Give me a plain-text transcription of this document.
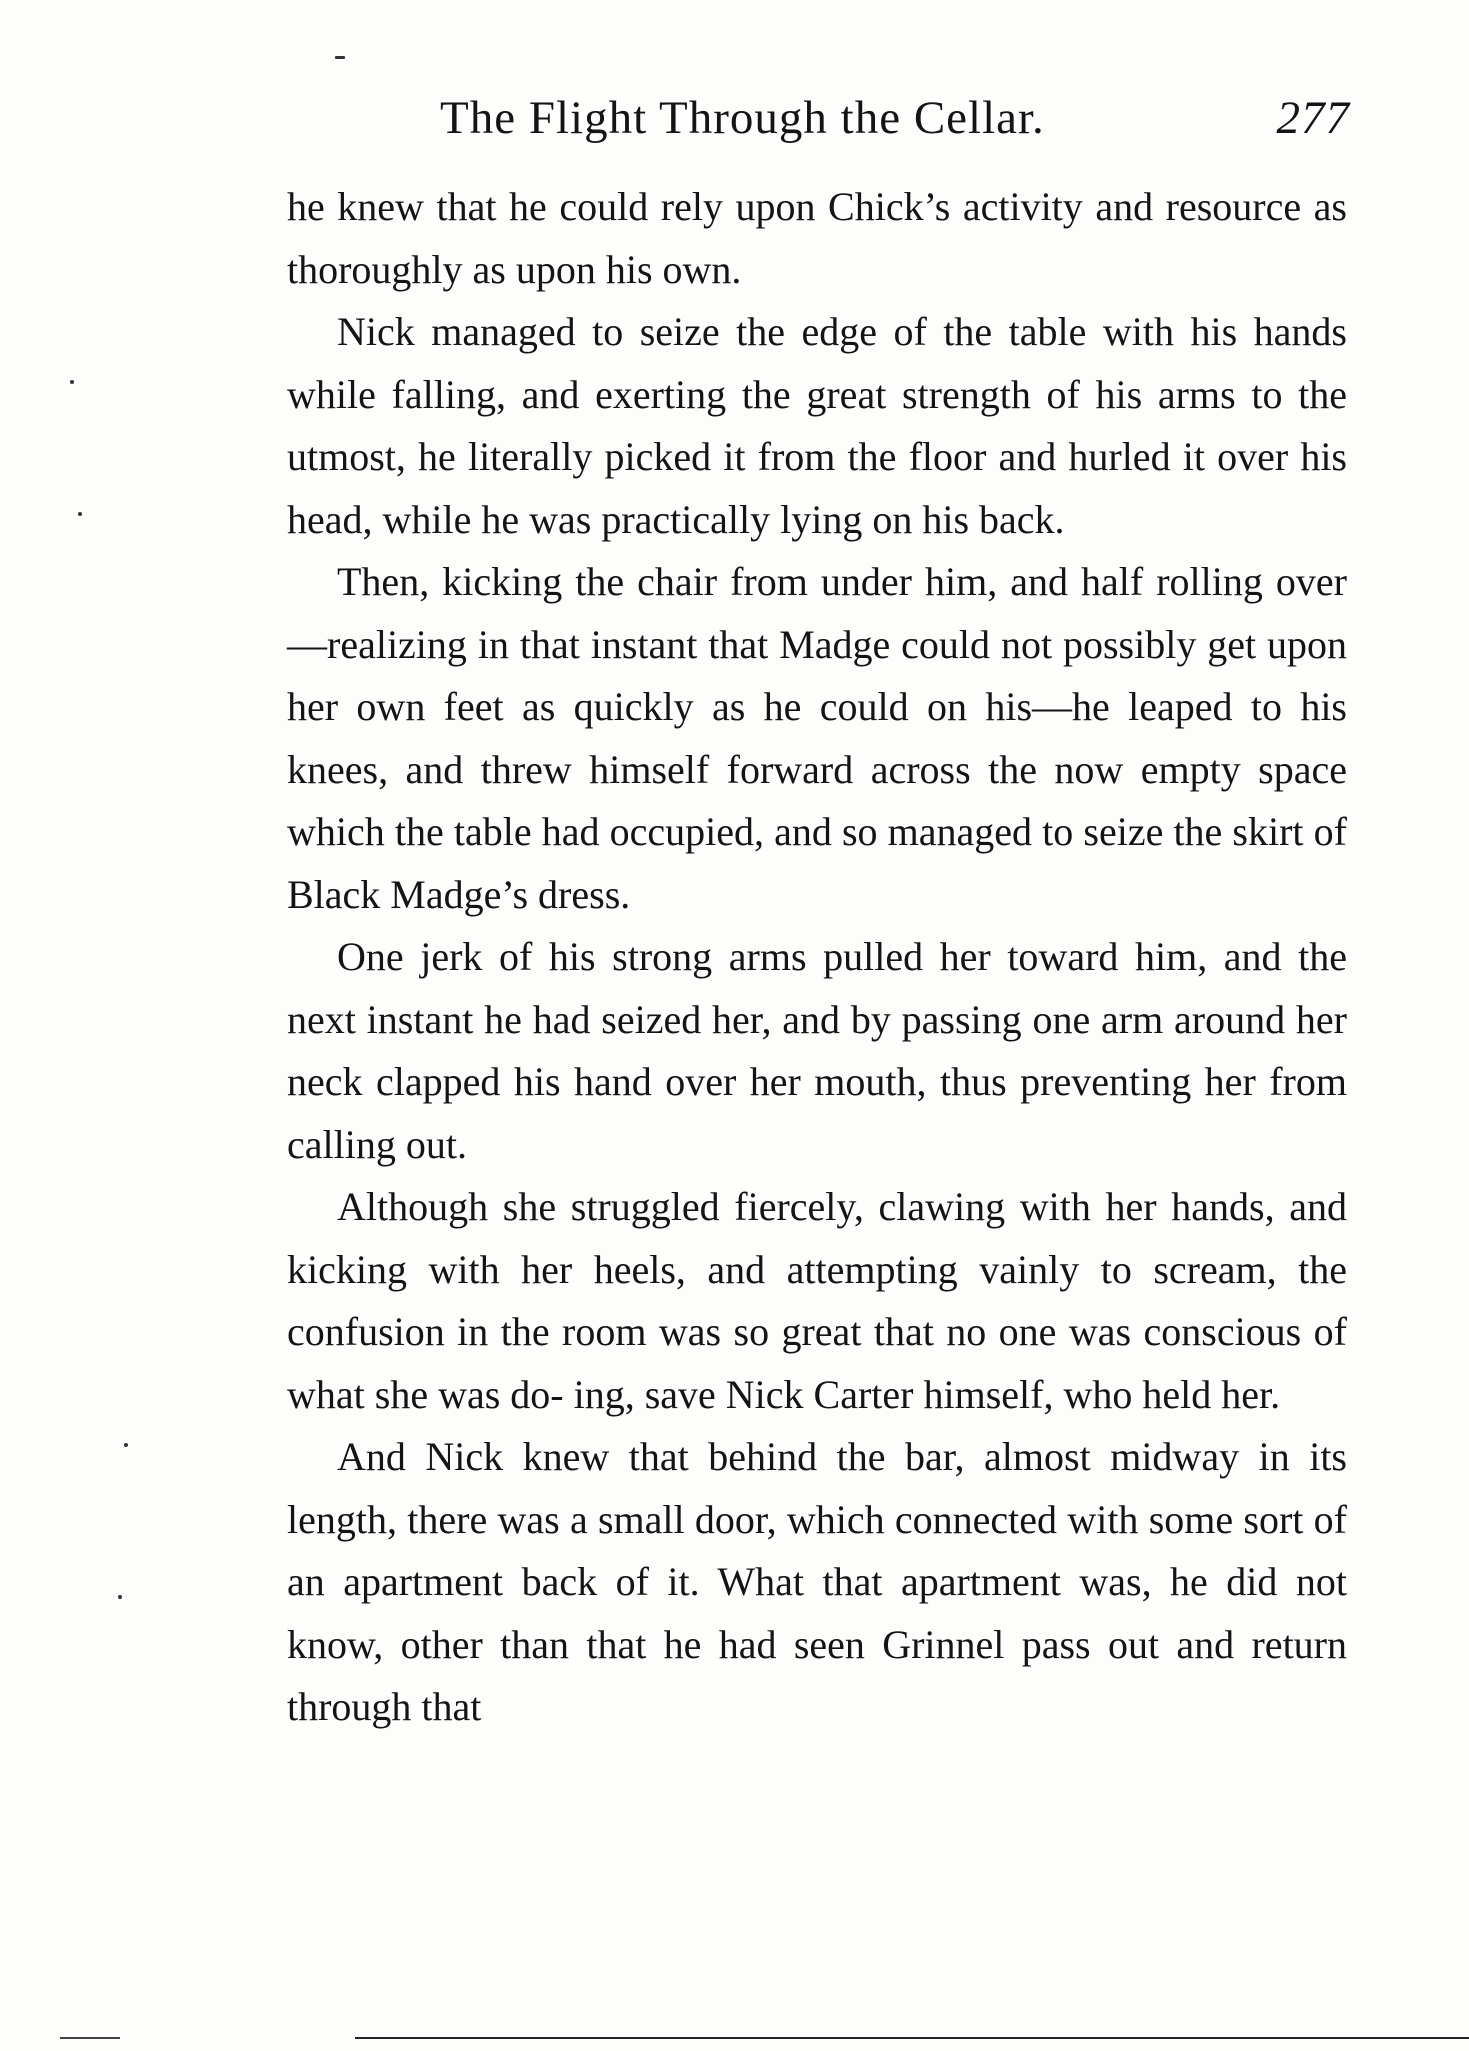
The Flight Through the Cellar.	277

he knew that he could rely upon Chick’s activity and resource as thoroughly as upon his own.

Nick managed to seize the edge of the table with his hands while falling, and exerting the great strength of his arms to the utmost, he literally picked it from the floor and hurled it over his head, while he was practically lying on his back.

Then, kicking the chair from under him, and half rolling over—realizing in that instant that Madge could not possibly get upon her own feet as quickly as he could on his—he leaped to his knees, and threw himself forward across the now empty space which the table had occupied, and so managed to seize the skirt of Black Madge’s dress.

One jerk of his strong arms pulled her toward him, and the next instant he had seized her, and by passing one arm around her neck clapped his hand over her mouth, thus preventing her from calling out.

Although she struggled fiercely, clawing with her hands, and kicking with her heels, and attempting vainly to scream, the confusion in the room was so great that no one was conscious of what she was do- ing, save Nick Carter himself, who held her.

And Nick knew that behind the bar, almost midway in its length, there was a small door, which connected with some sort of an apartment back of it. What that apartment was, he did not know, other than that he had seen Grinnel pass out and return through that
